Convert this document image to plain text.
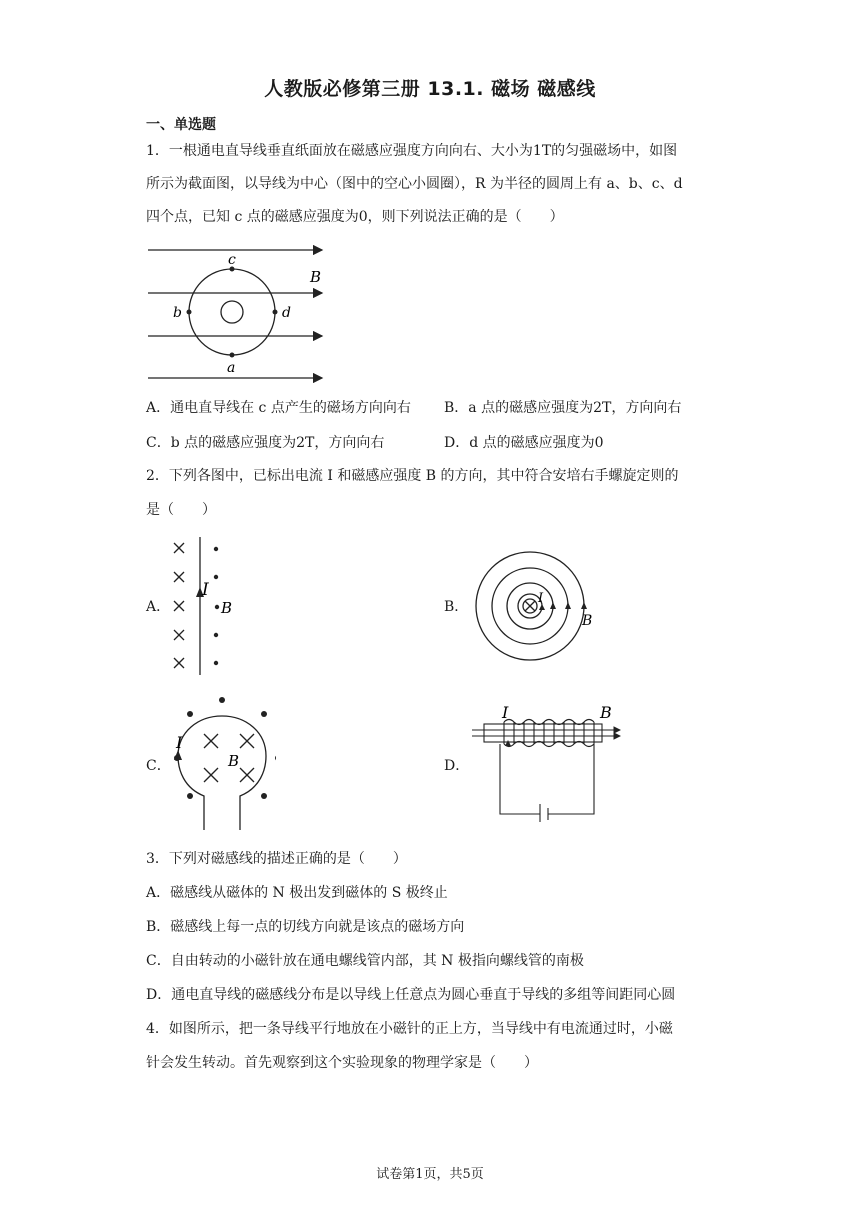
人教版必修第三册 13.1. 磁场 磁感线
一、单选题
1．一根通电直导线垂直纸面放在磁感应强度方向向右、大小为1T的匀强磁场中，如图
所示为截面图，以导线为中心（图中的空心小圆圈），R 为半径的圆周上有 a、b、c、d
四个点，已知 c 点的磁感应强度为0，则下列说法正确的是（　　）
c
b	d
a
B
A．通电直导线在 c 点产生的磁场方向向右 B．a 点的磁感应强度为2T，方向向右
C．b 点的磁感应强度为2T，方向向右	D．d 点的磁感应强度为0
2．下列各图中，已标出电流 I 和磁感应强度 B 的方向，其中符合安培右手螺旋定则的
是（　　）
A．
I
B	B．
I
B
C．
I
B	D．
I	B
3．下列对磁感线的描述正确的是（　　）
A．磁感线从磁体的 N 极出发到磁体的 S 极终止
B．磁感线上每一点的切线方向就是该点的磁场方向
C．自由转动的小磁针放在通电螺线管内部，其 N 极指向螺线管的南极
D．通电直导线的磁感线分布是以导线上任意点为圆心垂直于导线的多组等间距同心圆
4．如图所示，把一条导线平行地放在小磁针的正上方，当导线中有电流通过时，小磁
针会发生转动。首先观察到这个实验现象的物理学家是（　　）
试卷第1页，共5页
